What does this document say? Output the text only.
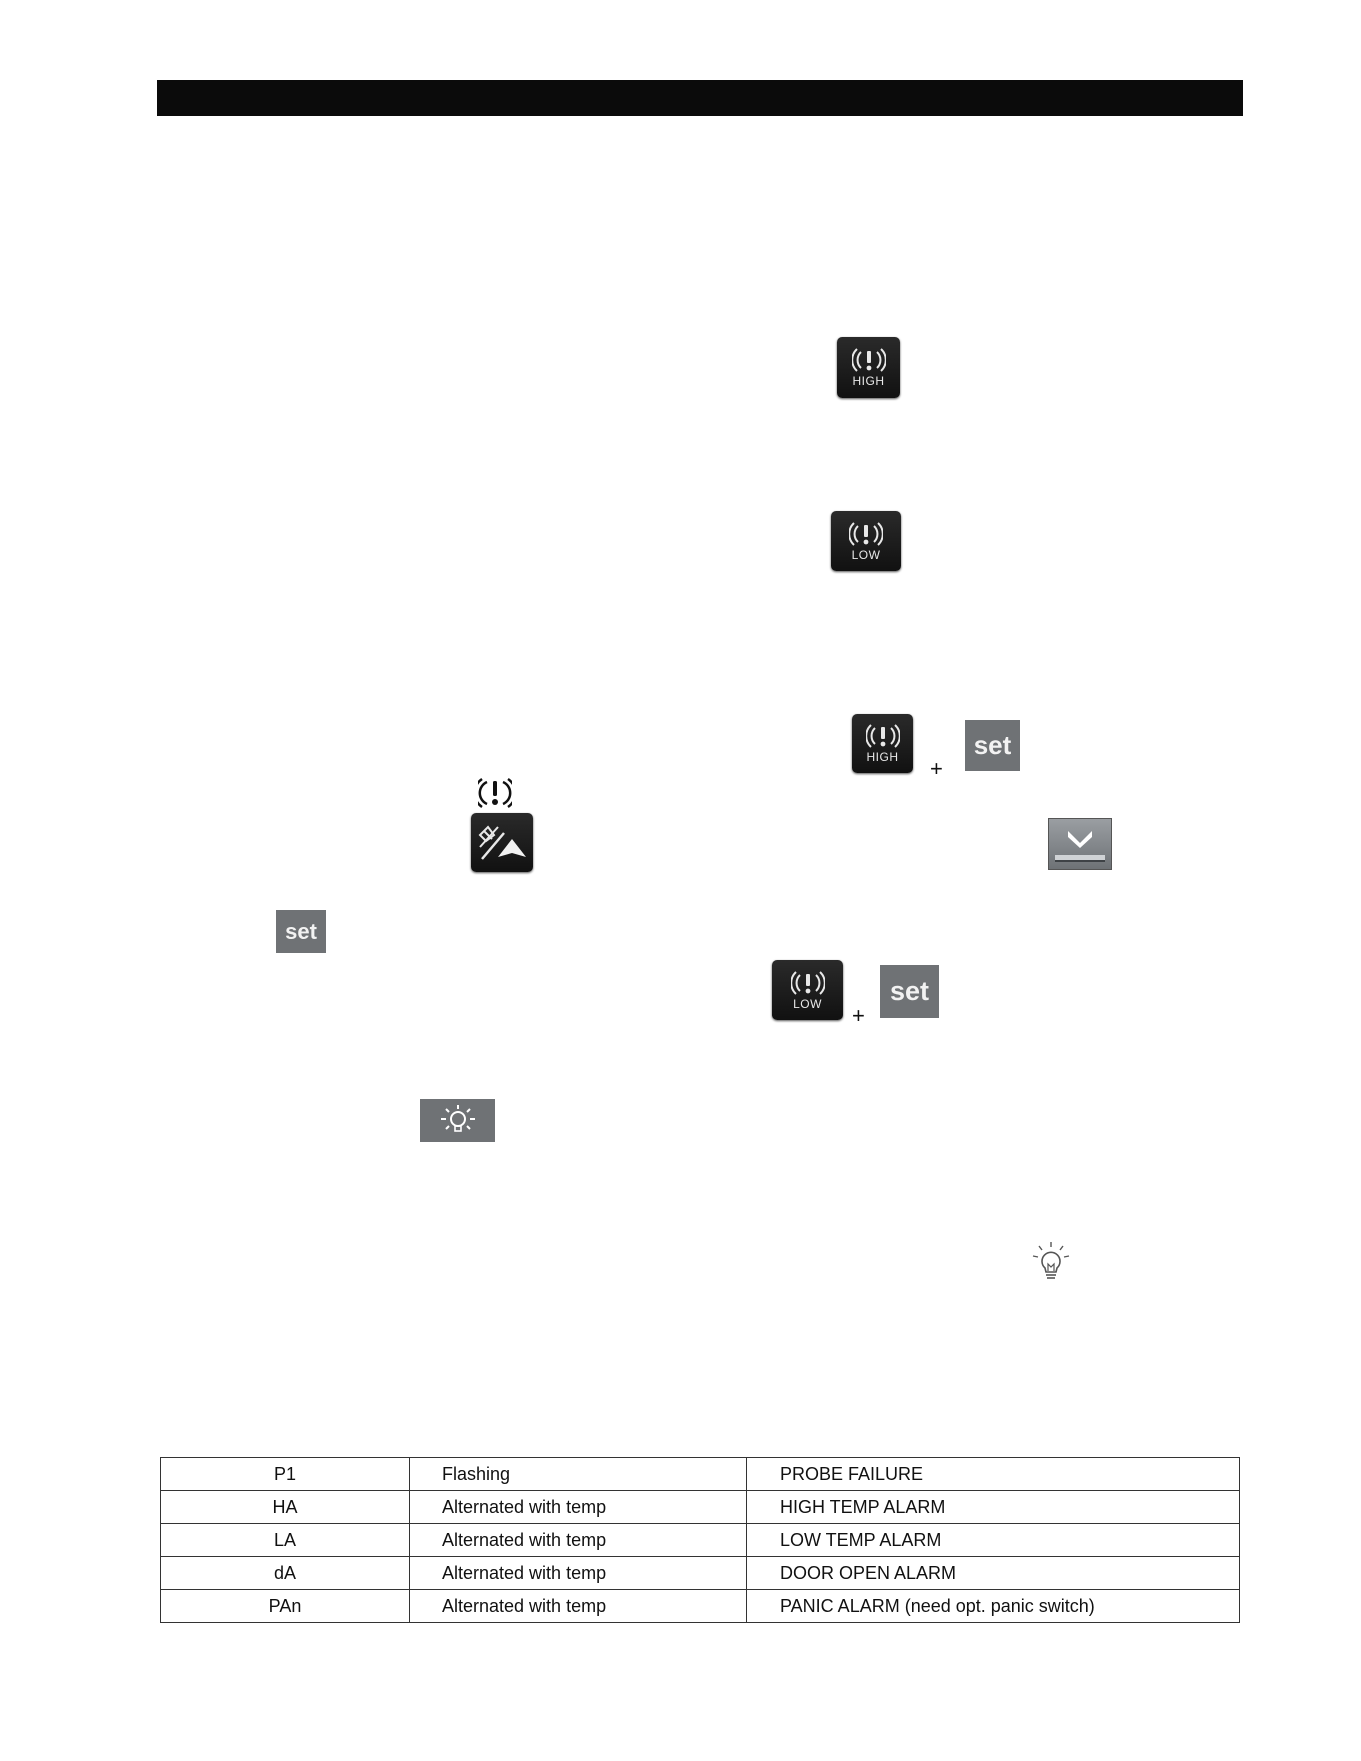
HIGH
LOW
HIGH +
set
set
LOW +
set
P1	Flashing	PROBE FAILURE
HA	Alternated with temp	HIGH TEMP ALARM
LA	Alternated with temp	LOW TEMP ALARM
dA	Alternated with temp	DOOR OPEN ALARM
PAn	Alternated with temp	PANIC ALARM (need opt. panic switch)
